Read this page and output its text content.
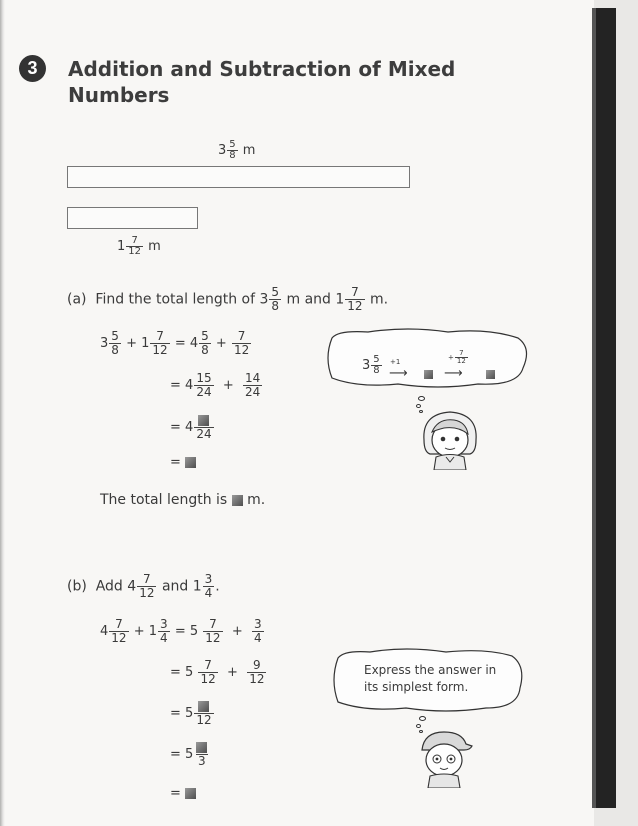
3	Addition and Subtraction of Mixed Numbers
$3 \frac{5}{8}$ m
$1 \frac{7}{12}$ m
(a) Find the total length of $3 \frac{5}{8}$ m and $1 \frac{7}{12} m$.
$3 \frac{5}{8} + 1 \frac{7}{12} = 4 \frac{5}{8} + \frac{7}{12}$
= $4 \frac{15}{24} + \frac{14}{24}$
= 4 24
=
The total length is m.
$3 \frac{5}{8} +1$
⟶
+ $\frac{7}{12}$
⟶
(b) Add $4 \frac{7}{12}$ and $1 \frac{3}{4}$ .
$4 \frac{7}{12} + 1 \frac{3}{4} = 5 \frac{7}{12} + \frac{3}{4}$
= $5 \frac{7}{12} + \frac{9}{12}$
= 5 12
= 5 3
=
Express the answer in
its simplest form.
